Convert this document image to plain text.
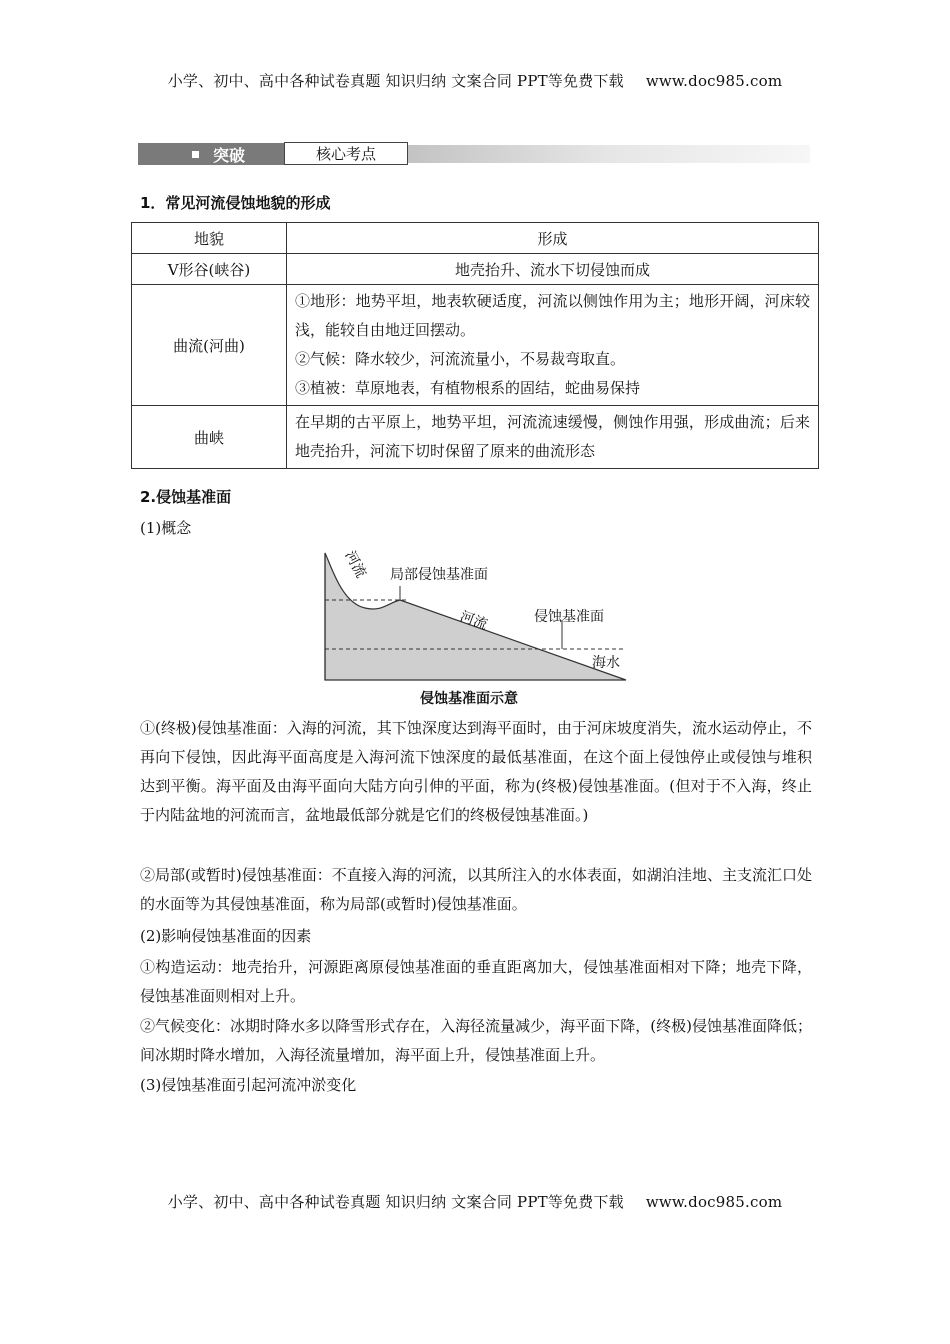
小学、初中、高中各种试卷真题 知识归纳 文案合同 PPT等免费下载 www.doc985.com
突破	核心考点
1．常见河流侵蚀地貌的形成
地貌	形成
V形谷(峡谷)	地壳抬升、流水下切侵蚀而成
曲流(河曲)	①地形：地势平坦，地表软硬适度，河流以侧蚀作用为主；地形开阔，河床较浅，能较自由地迂回摆动。
②气候：降水较少，河流流量小，不易裁弯取直。
③植被：草原地表，有植物根系的固结，蛇曲易保持

曲峡	在早期的古平原上，地势平坦，河流流速缓慢，侧蚀作用强，形成曲流；后来地壳抬升，河流下切时保留了原来的曲流形态
2.侵蚀基准面
(1)概念
河流 局部侵蚀基准面
河流	侵蚀基准面
海水
侵蚀基准面示意
①(终极)侵蚀基准面：入海的河流，其下蚀深度达到海平面时，由于河床坡度消失，流水运动停止，不再向下侵蚀，因此海平面高度是入海河流下蚀深度的最低基准面，在这个面上侵蚀停止或侵蚀与堆积达到平衡。海平面及由海平面向大陆方向引伸的平面，称为(终极)侵蚀基准面。(但对于不入海，终止于内陆盆地的河流而言，盆地最低部分就是它们的终极侵蚀基准面。)
②局部(或暂时)侵蚀基准面：不直接入海的河流，以其所注入的水体表面，如湖泊洼地、主支流汇口处的水面等为其侵蚀基准面，称为局部(或暂时)侵蚀基准面。
(2)影响侵蚀基准面的因素
①构造运动：地壳抬升，河源距离原侵蚀基准面的垂直距离加大，侵蚀基准面相对下降；地壳下降，侵蚀基准面则相对上升。
②气候变化：冰期时降水多以降雪形式存在，入海径流量减少，海平面下降，(终极)侵蚀基准面降低；间冰期时降水增加，入海径流量增加，海平面上升，侵蚀基准面上升。
(3)侵蚀基准面引起河流冲淤变化
小学、初中、高中各种试卷真题 知识归纳 文案合同 PPT等免费下载 www.doc985.com
